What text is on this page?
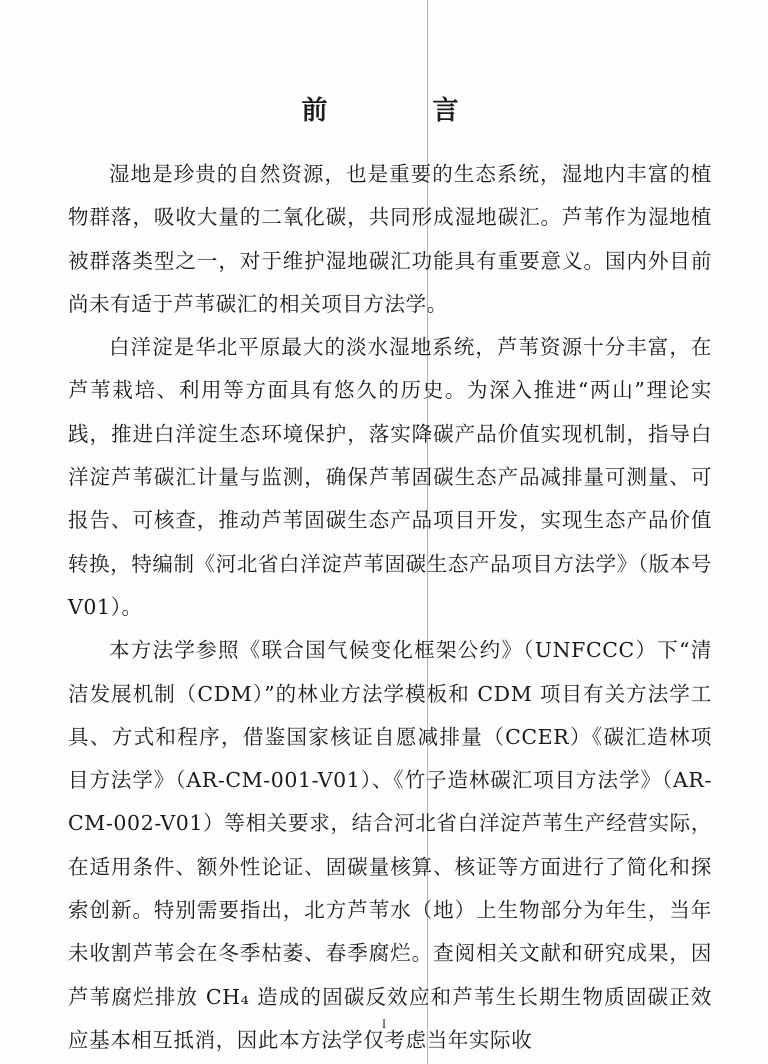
前 言

湿地是珍贵的自然资源，也是重要的生态系统，湿地内丰富的植物群落，吸收大量的二氧化碳，共同形成湿地碳汇。芦苇作为湿地植被群落类型之一，对于维护湿地碳汇功能具有重要意义。国内外目前尚未有适于芦苇碳汇的相关项目方法学。

白洋淀是华北平原最大的淡水湿地系统，芦苇资源十分丰富，在芦苇栽培、利用等方面具有悠久的历史。为深入推进“两山”理论实践，推进白洋淀生态环境保护，落实降碳产品价值实现机制，指导白洋淀芦苇碳汇计量与监测，确保芦苇固碳生态产品减排量可测量、可报告、可核查，推动芦苇固碳生态产品项目开发，实现生态产品价值转换，特编制《河北省白洋淀芦苇固碳生态产品项目方法学》（版本号 V01）。

本方法学参照《联合国气候变化框架公约》（UNFCCC）下“清洁发展机制（CDM）”的林业方法学模板和 CDM 项目有关方法学工具、方式和程序，借鉴国家核证自愿减排量（CCER）《碳汇造林项目方法学》（AR-CM-001-V01）、《竹子造林碳汇项目方法学》（AR-CM-002-V01）等相关要求，结合河北省白洋淀芦苇生产经营实际，在适用条件、额外性论证、固碳量核算、核证等方面进行了简化和探索创新。特别需要指出，北方芦苇水（地）上生物部分为年生，当年未收割芦苇会在冬季枯萎、春季腐烂。查阅相关文献和研究成果，因芦苇腐烂排放 CH₄ 造成的固碳反效应和芦苇生长期生物质固碳正效应基本相互抵消，因此本方法学仅考虑当年实际收

I
